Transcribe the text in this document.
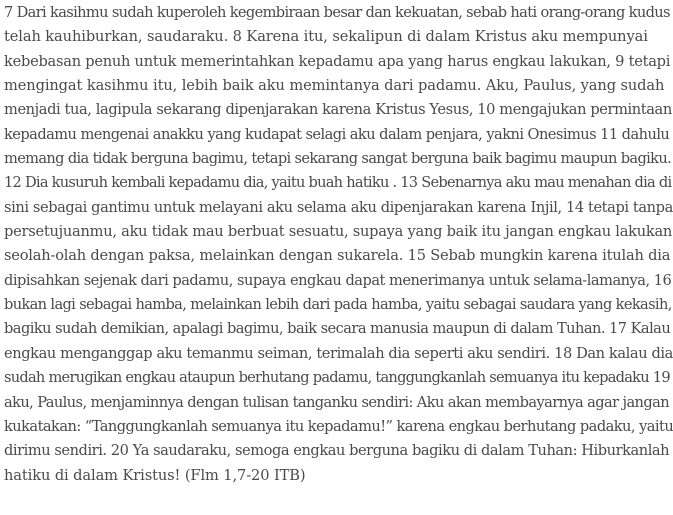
7 Dari kasihmu sudah kuperoleh kegembiraan besar dan kekuatan, sebab hati orang-orang kudus
telah kauhiburkan, saudaraku. 8 Karena itu, sekalipun di dalam Kristus aku mempunyai
kebebasan penuh untuk memerintahkan kepadamu apa yang harus engkau lakukan, 9 tetapi
mengingat kasihmu itu, lebih baik aku memintanya dari padamu. Aku, Paulus, yang sudah
menjadi tua, lagipula sekarang dipenjarakan karena Kristus Yesus, 10 mengajukan permintaan
kepadamu mengenai anakku yang kudapat selagi aku dalam penjara, yakni Onesimus 11 dahulu
memang dia tidak berguna bagimu, tetapi sekarang sangat berguna baik bagimu maupun bagiku.
12 Dia kusuruh kembali kepadamu dia, yaitu buah hatiku . 13 Sebenarnya aku mau menahan dia di
sini sebagai gantimu untuk melayani aku selama aku dipenjarakan karena Injil, 14 tetapi tanpa
persetujuanmu, aku tidak mau berbuat sesuatu, supaya yang baik itu jangan engkau lakukan
seolah-olah dengan paksa, melainkan dengan sukarela. 15 Sebab mungkin karena itulah dia
dipisahkan sejenak dari padamu, supaya engkau dapat menerimanya untuk selama-lamanya, 16
bukan lagi sebagai hamba, melainkan lebih dari pada hamba, yaitu sebagai saudara yang kekasih,
bagiku sudah demikian, apalagi bagimu, baik secara manusia maupun di dalam Tuhan. 17 Kalau
engkau menganggap aku temanmu seiman, terimalah dia seperti aku sendiri. 18 Dan kalau dia
sudah merugikan engkau ataupun berhutang padamu, tanggungkanlah semuanya itu kepadaku 19
aku, Paulus, menjaminnya dengan tulisan tanganku sendiri: Aku akan membayarnya agar jangan
kukatakan: “Tanggungkanlah semuanya itu kepadamu!” karena engkau berhutang padaku, yaitu
dirimu sendiri. 20 Ya saudaraku, semoga engkau berguna bagiku di dalam Tuhan: Hiburkanlah
hatiku di dalam Kristus! (Flm 1,7-20 ITB)
